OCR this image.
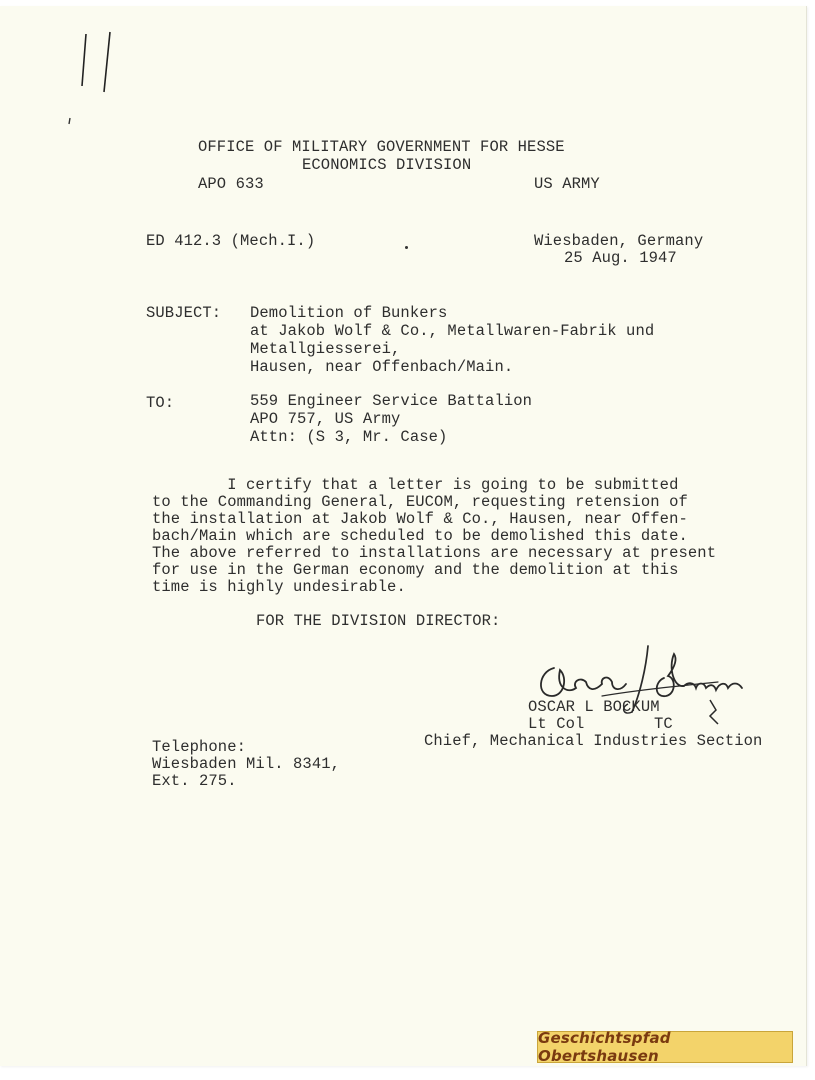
OFFICE OF MILITARY GOVERNMENT FOR HESSE
ECONOMICS DIVISION
APO 633	US ARMY
ED 412.3 (Mech.I.)	Wiesbaden, Germany
25 Aug. 1947
SUBJECT: Demolition of Bunkers
at Jakob Wolf & Co., Metallwaren-Fabrik und
Metallgiesserei,
Hausen, near Offenbach/Main.
TO:	559 Engineer Service Battalion
APO 757, US Army
Attn: (S 3, Mr. Case)
I certify that a letter is going to be submitted
to the Commanding General, EUCOM, requesting retension of
the installation at Jakob Wolf & Co., Hausen, near Offen-
bach/Main which are scheduled to be demolished this date.
The above referred to installations are necessary at present
for use in the German economy and the demolition at this
time is highly undesirable.
FOR THE DIVISION DIRECTOR:
OSCAR L BOCKUM
Lt Col	TC
Chief, Mechanical Industries Section
Telephone:
Wiesbaden Mil. 8341,
Ext. 275.
Geschichtspfad Obertshausen
